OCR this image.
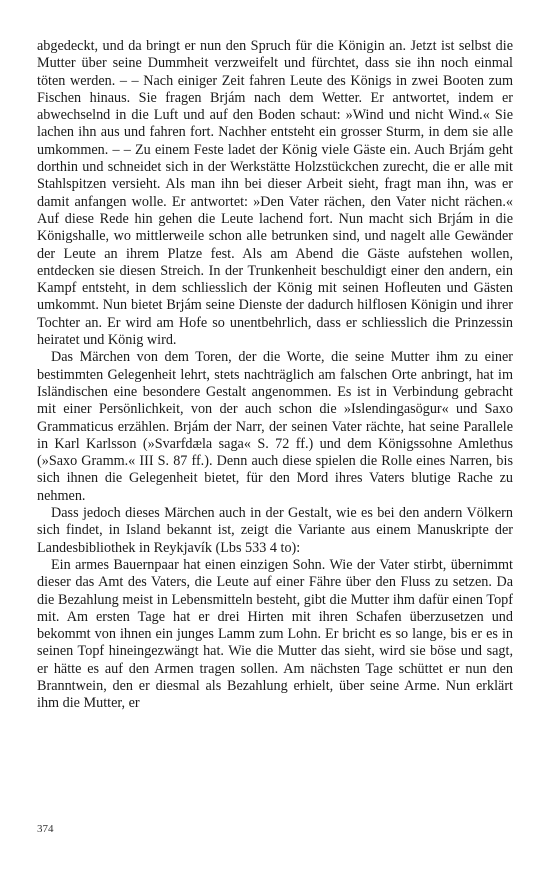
abgedeckt, und da bringt er nun den Spruch für die Königin an. Jetzt ist selbst die Mutter über seine Dummheit verzweifelt und fürchtet, dass sie ihn noch einmal töten werden. – – Nach einiger Zeit fahren Leute des Königs in zwei Booten zum Fischen hinaus. Sie fragen Brjám nach dem Wetter. Er antwortet, indem er abwechselnd in die Luft und auf den Boden schaut: »Wind und nicht Wind.« Sie lachen ihn aus und fahren fort. Nachher entsteht ein grosser Sturm, in dem sie alle umkommen. – – Zu einem Feste ladet der König viele Gäste ein. Auch Brjám geht dorthin und schneidet sich in der Werkstätte Holzstückchen zurecht, die er alle mit Stahlspitzen versieht. Als man ihn bei dieser Arbeit sieht, fragt man ihn, was er damit anfangen wolle. Er antwortet: »Den Vater rächen, den Vater nicht rächen.« Auf diese Rede hin gehen die Leute lachend fort. Nun macht sich Brjám in die Königshalle, wo mittlerweile schon alle betrunken sind, und nagelt alle Gewänder der Leute an ihrem Platze fest. Als am Abend die Gäste aufstehen wollen, entdecken sie diesen Streich. In der Trunkenheit beschuldigt einer den andern, ein Kampf entsteht, in dem schliesslich der König mit seinen Hofleuten und Gästen umkommt. Nun bietet Brjám seine Dienste der dadurch hilflosen Königin und ihrer Tochter an. Er wird am Hofe so unentbehrlich, dass er schliesslich die Prinzessin heiratet und König wird.

Das Märchen von dem Toren, der die Worte, die seine Mutter ihm zu einer bestimmten Gelegenheit lehrt, stets nachträglich am falschen Orte anbringt, hat im Isländischen eine besondere Gestalt angenommen. Es ist in Verbindung gebracht mit einer Persönlichkeit, von der auch schon die »Islendingasögur« und Saxo Grammaticus erzählen. Brjám der Narr, der seinen Vater rächte, hat seine Parallele in Karl Karlsson (»Svarfdæla saga« S. 72 ff.) und dem Königssohne Amlethus (»Saxo Gramm.« III S. 87 ff.). Denn auch diese spielen die Rolle eines Narren, bis sich ihnen die Gelegenheit bietet, für den Mord ihres Vaters blutige Rache zu nehmen.

Dass jedoch dieses Märchen auch in der Gestalt, wie es bei den andern Völkern sich findet, in Island bekannt ist, zeigt die Variante aus einem Manuskripte der Landesbibliothek in Reykjavík (Lbs 533 4 to):

Ein armes Bauernpaar hat einen einzigen Sohn. Wie der Vater stirbt, übernimmt dieser das Amt des Vaters, die Leute auf einer Fähre über den Fluss zu setzen. Da die Bezahlung meist in Lebensmitteln besteht, gibt die Mutter ihm dafür einen Topf mit. Am ersten Tage hat er drei Hirten mit ihren Schafen überzusetzen und bekommt von ihnen ein junges Lamm zum Lohn. Er bricht es so lange, bis er es in seinen Topf hineingezwängt hat. Wie die Mutter das sieht, wird sie böse und sagt, er hätte es auf den Armen tragen sollen. Am nächsten Tage schüttet er nun den Branntwein, den er diesmal als Bezahlung erhielt, über seine Arme. Nun erklärt ihm die Mutter, er

374
